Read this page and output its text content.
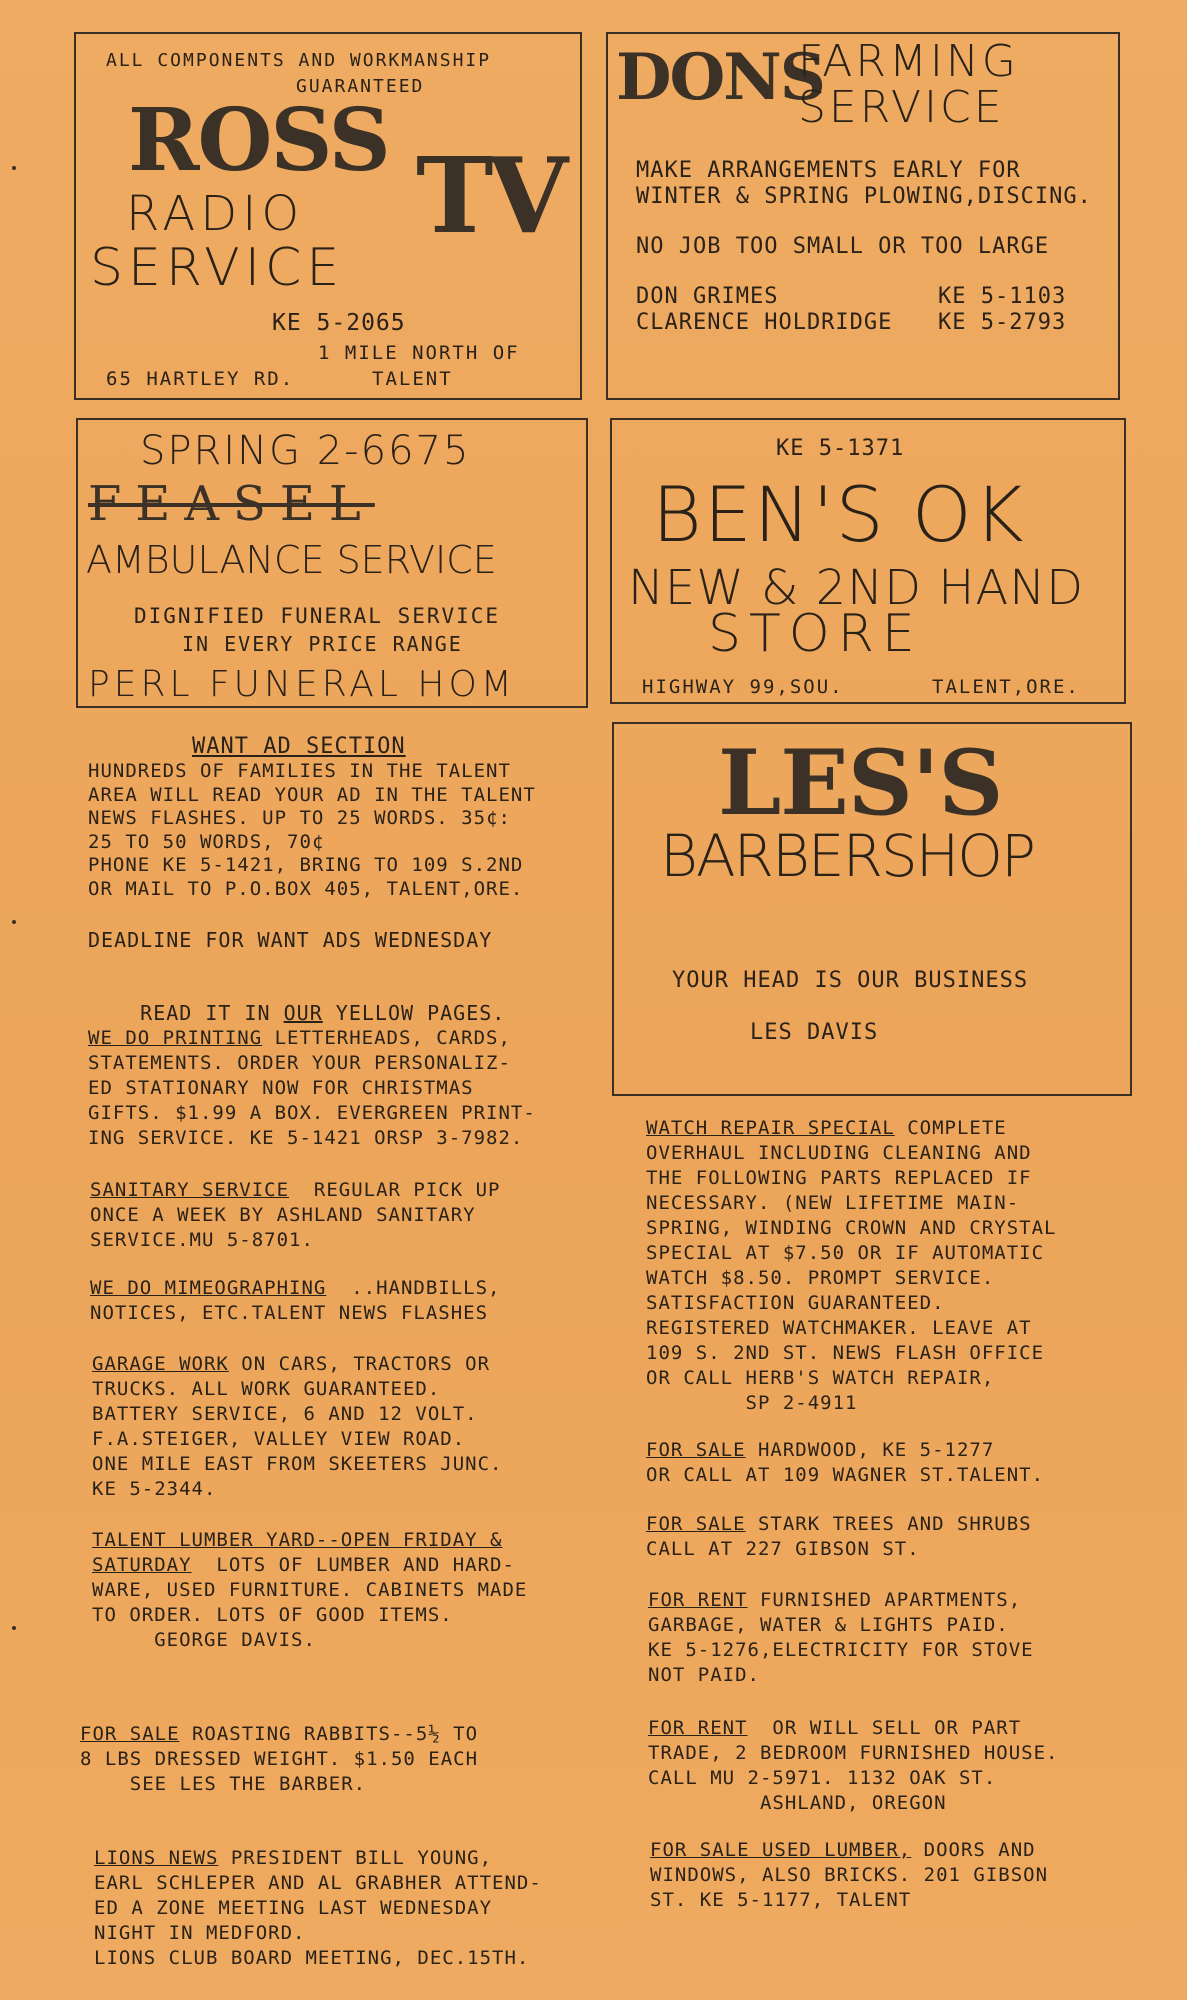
ALL COMPONENTS AND WORKMANSHIP
GUARANTEED
ROSS TV
RADIO
SERVICE
KE 5-2065
1 MILE NORTH OF
65 HARTLEY RD.	TALENT
DONS
FARMING
SERVICE
MAKE ARRANGEMENTS EARLY FOR
WINTER & SPRING PLOWING,DISCING.
NO JOB TOO SMALL OR TOO LARGE
DON GRIMES	KE 5-1103
CLARENCE HOLDRIDGE KE 5-2793
SPRING 2-6675
FEASEL
AMBULANCE SERVICE
DIGNIFIED FUNERAL SERVICE
IN EVERY PRICE RANGE
PERL FUNERAL HOM
KE 5-1371
BEN'S OK
NEW & 2ND HAND
STORE
HIGHWAY 99,SOU.	TALENT,ORE.
LES'S
BARBERSHOP
YOUR HEAD IS OUR BUSINESS
LES DAVIS
WANT AD SECTION
HUNDREDS OF FAMILIES IN THE TALENT
AREA WILL READ YOUR AD IN THE TALENT
NEWS FLASHES. UP TO 25 WORDS. 35¢:
25 TO 50 WORDS, 70¢
PHONE KE 5-1421, BRING TO 109 S.2ND
OR MAIL TO P.O.BOX 405, TALENT,ORE.
DEADLINE FOR WANT ADS WEDNESDAY

READ IT IN OUR YELLOW PAGES.

WE DO PRINTING LETTERHEADS, CARDS,
STATEMENTS. ORDER YOUR PERSONALIZ-
ED STATIONARY NOW FOR CHRISTMAS
GIFTS. $1.99 A BOX. EVERGREEN PRINT-
ING SERVICE. KE 5-1421 ORSP 3-7982.
SANITARY SERVICE  REGULAR PICK UP
ONCE A WEEK BY ASHLAND SANITARY
SERVICE.MU 5-8701.
WE DO MIMEOGRAPHING  ..HANDBILLS,
NOTICES, ETC.TALENT NEWS FLASHES
GARAGE WORK ON CARS, TRACTORS OR
TRUCKS. ALL WORK GUARANTEED.
BATTERY SERVICE, 6 AND 12 VOLT.
F.A.STEIGER, VALLEY VIEW ROAD.
ONE MILE EAST FROM SKEETERS JUNC.
KE 5-2344.
TALENT LUMBER YARD--OPEN FRIDAY &
SATURDAY  LOTS OF LUMBER AND HARD-
WARE, USED FURNITURE. CABINETS MADE
TO ORDER. LOTS OF GOOD ITEMS.
GEORGE DAVIS.
FOR SALE ROASTING RABBITS--5½ TO
8 LBS DRESSED WEIGHT. $1.50 EACH
SEE LES THE BARBER.
LIONS NEWS PRESIDENT BILL YOUNG,
EARL SCHLEPER AND AL GRABHER ATTEND-
ED A ZONE MEETING LAST WEDNESDAY
NIGHT IN MEDFORD.
LIONS CLUB BOARD MEETING, DEC.15TH.
WATCH REPAIR SPECIAL COMPLETE
OVERHAUL INCLUDING CLEANING AND
THE FOLLOWING PARTS REPLACED IF
NECESSARY. (NEW LIFETIME MAIN-
SPRING, WINDING CROWN AND CRYSTAL
SPECIAL AT $7.50 OR IF AUTOMATIC
WATCH $8.50. PROMPT SERVICE.
SATISFACTION GUARANTEED.
REGISTERED WATCHMAKER. LEAVE AT
109 S. 2ND ST. NEWS FLASH OFFICE
OR CALL HERB'S WATCH REPAIR,
SP 2-4911
FOR SALE HARDWOOD, KE 5-1277
OR CALL AT 109 WAGNER ST.TALENT.
FOR SALE STARK TREES AND SHRUBS
CALL AT 227 GIBSON ST.
FOR RENT FURNISHED APARTMENTS,
GARBAGE, WATER & LIGHTS PAID.
KE 5-1276,ELECTRICITY FOR STOVE
NOT PAID.
FOR RENT  OR WILL SELL OR PART
TRADE, 2 BEDROOM FURNISHED HOUSE.
CALL MU 2-5971. 1132 OAK ST.
ASHLAND, OREGON
FOR SALE USED LUMBER, DOORS AND
WINDOWS, ALSO BRICKS. 201 GIBSON
ST. KE 5-1177, TALENT
